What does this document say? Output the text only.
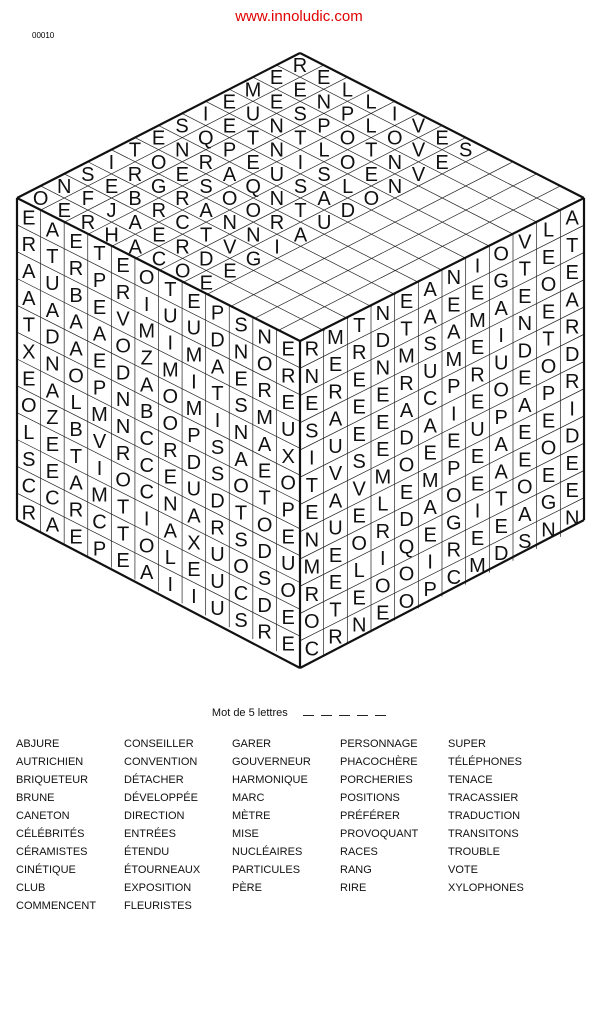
www.innoludic.com
00010
R
E
L
L
I
V
E
S
E
E
N
P
L
O
V
E
M
E
S
P
O
T
N
V
E
U
N
T
L
O
E
N
I
E
T
N
I
S
L
O
S
Q
P
E
U
S
A
D
E
N
R
A
Q
N
T
U
T
O
E
S
O
O
R
A
I
R
G
R
A
N
N
I
S
E
B
R
C
T
V
G
N
F
J
A
E
R
D
E
O
E
R
H
A
C
O
E
E
A
E
T
E
O
T
E
P
S
N
E
R
T
R
P
R
I
U
U
D
N
O
R
A
U
B
E
V
M
I
M
A
E
R
E
A
A
A
A
O
Z
M
I
T
S
M
U
T
D
A
E
D
A
O
M
I
N
A
X
X
N
O
P
N
B
O
P
S
A
E
O
E
A
L
M
N
C
R
D
S
O
T
P
O
Z
B
V
R
C
E
U
D
T
O
E
L
E
T
I
O
C
N
A
R
S
D
U
S
E
A
M
T
I
A
X
U
O
S
O
C
C
R
C
T
O
L
E
U
C
D
E
R
A
E
P
E
A
I
I
U
S
R
E
R
M
T
N
E
A
N
I
O
V
L
A
N
E
R
D
T
A
E
E
G
T
E
T
E
R
E
N
M
S
A
M
A
E
O
E
S
A
E
E
R
U
M
E
I
N
E
A
I
U
E
E
A
C
P
R
U
D
T
R
T
V
S
E
D
A
I
E
O
E
O
D
E
A
V
M
O
E
E
U
P
A
P
R
N
U
E
L
E
M
P
E
A
E
E
I
M
E
O
R
D
A
O
E
A
E
O
D
R
E
L
I
Q
E
G
I
T
O
E
E
O
T
E
O
O
I
R
E
E
A
G
E
C
R
N
E
O
P
C
M
D
S
N
N
Mot de 5 lettres
ABJURE
AUTRICHIEN
BRIQUETEUR
BRUNE
CANETON
CÉLÉBRITÉS
CÉRAMISTES
CINÉTIQUE
CLUB
COMMENCENT
CONSEILLER
CONVENTION
DÉTACHER
DÉVELOPPÉE
DIRECTION
ENTRÉES
ÉTENDU
ÉTOURNEAUX
EXPOSITION
FLEURISTES
GARER
GOUVERNEUR
HARMONIQUE
MARC
MÈTRE
MISE
NUCLÉAIRES
PARTICULES
PÈRE
PERSONNAGE
PHACOCHÈRE
PORCHERIES
POSITIONS
PRÉFÉRER
PROVOQUANT
RACES
RANG
RIRE
SUPER
TÉLÉPHONES
TENACE
TRACASSIER
TRADUCTION
TRANSITONS
TROUBLE
VOTE
XYLOPHONES
